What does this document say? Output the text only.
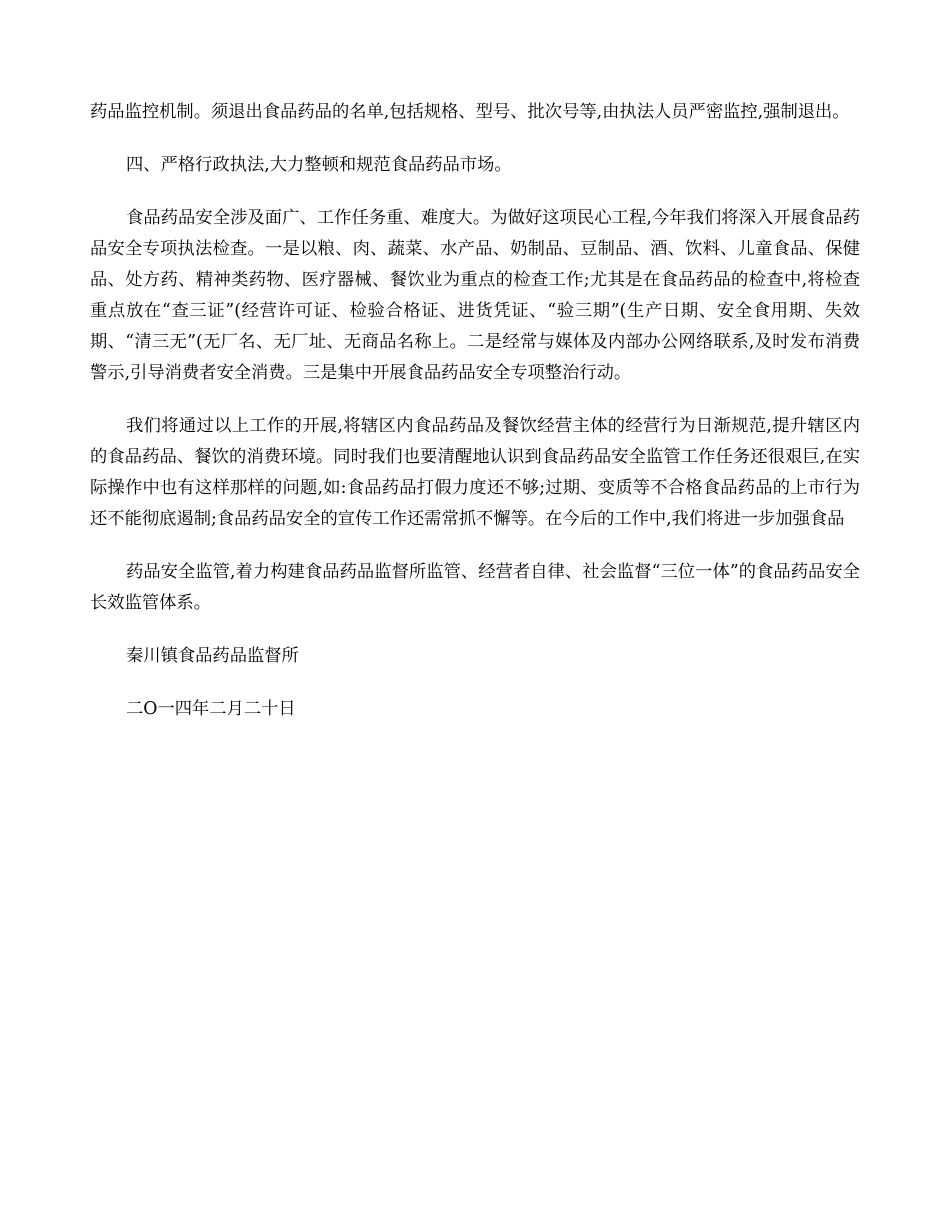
药品监控机制。须退出食品药品的名单,包括规格、型号、批次号等,由执法人员严密监控,强制退出。

四、严格行政执法,大力整顿和规范食品药品市场。

食品药品安全涉及面广、工作任务重、难度大。为做好这项民心工程,今年我们将深入开展食品药品安全专项执法检查。一是以粮、肉、蔬菜、水产品、奶制品、豆制品、酒、饮料、儿童食品、保健品、处方药、精神类药物、医疗器械、餐饮业为重点的检查工作;尤其是在食品药品的检查中,将检查重点放在“查三证”(经营许可证、检验合格证、进货凭证、“验三期”(生产日期、安全食用期、失效期、“清三无”(无厂名、无厂址、无商品名称上。二是经常与媒体及内部办公网络联系,及时发布消费警示,引导消费者安全消费。三是集中开展食品药品安全专项整治行动。

我们将通过以上工作的开展,将辖区内食品药品及餐饮经营主体的经营行为日渐规范,提升辖区内的食品药品、餐饮的消费环境。同时我们也要清醒地认识到食品药品安全监管工作任务还很艰巨,在实际操作中也有这样那样的问题,如:食品药品打假力度还不够;过期、变质等不合格食品药品的上市行为还不能彻底遏制;食品药品安全的宣传工作还需常抓不懈等。在今后的工作中,我们将进一步加强食品

药品安全监管,着力构建食品药品监督所监管、经营者自律、社会监督“三位一体”的食品药品安全长效监管体系。

秦川镇食品药品监督所

二O一四年二月二十日
